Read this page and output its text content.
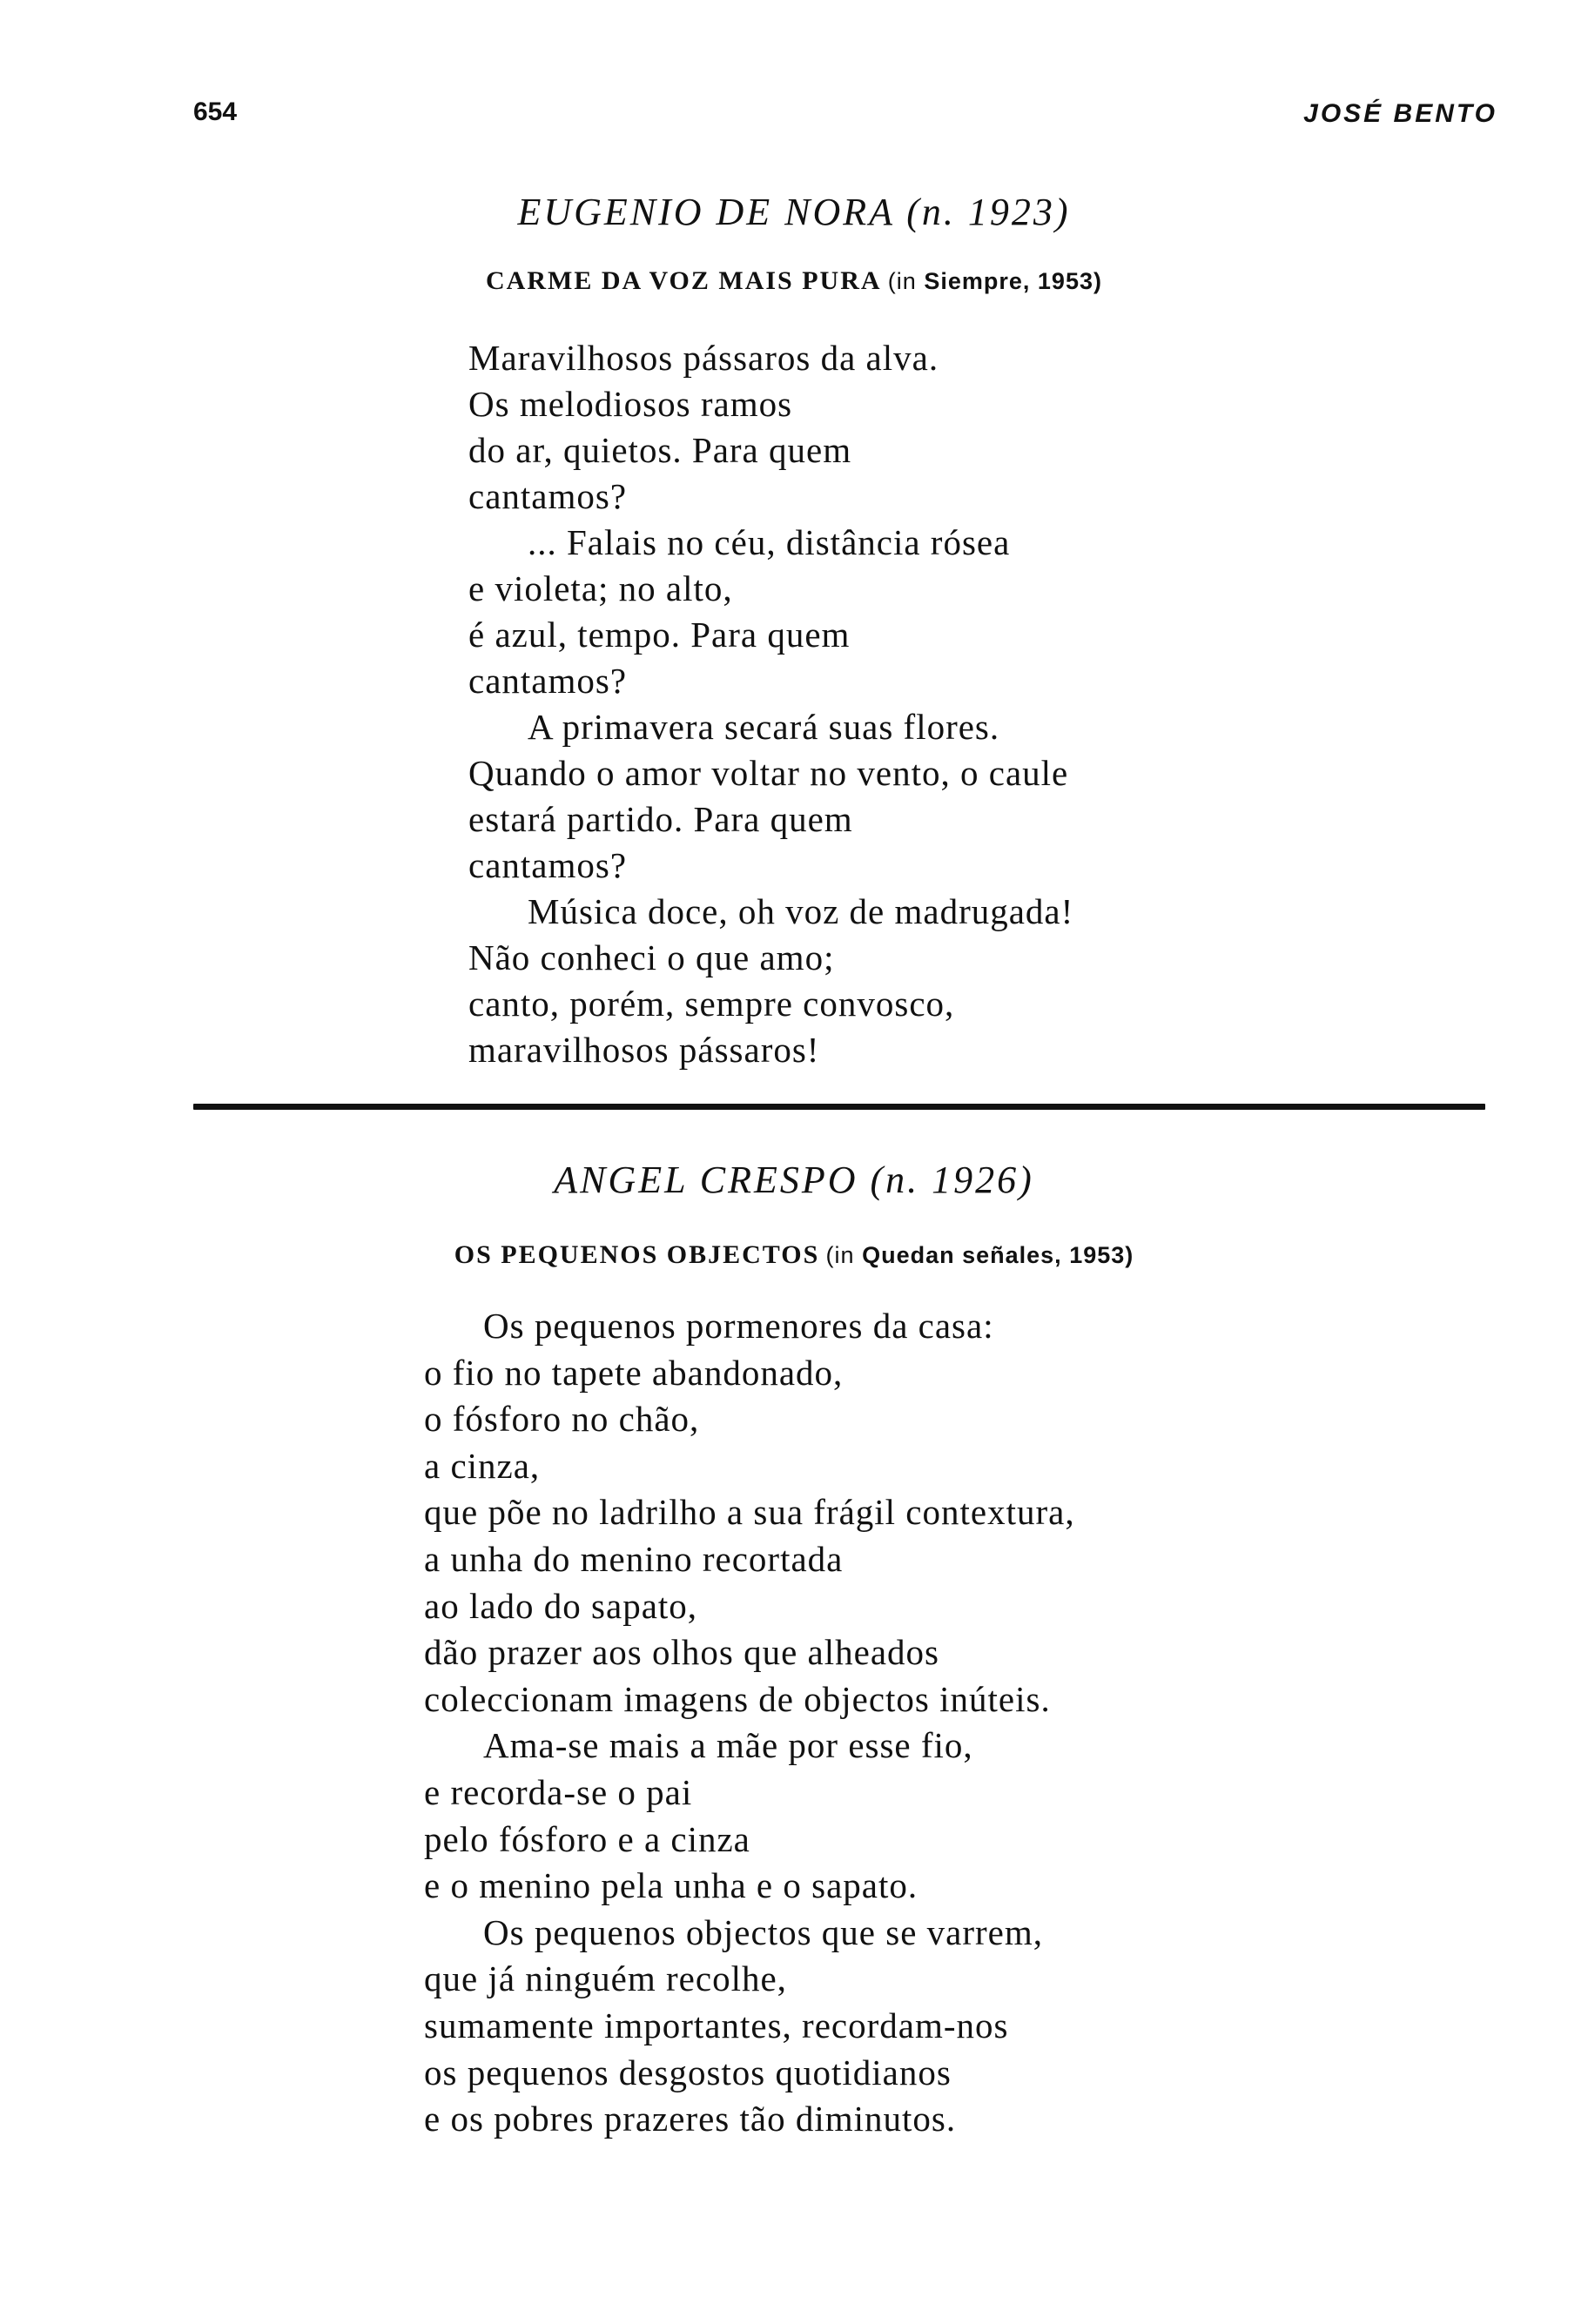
654	JOSÉ BENTO
EUGENIO DE NORA (n. 1923)
CARME DA VOZ MAIS PURA (in Siempre, 1953)
Maravilhosos pássaros da alva.
Os melodiosos ramos
do ar, quietos. Para quem
cantamos?
... Falais no céu, distância rósea
e violeta; no alto,
é azul, tempo. Para quem
cantamos?
A primavera secará suas flores.
Quando o amor voltar no vento, o caule
estará partido. Para quem
cantamos?
Música doce, oh voz de madrugada!
Não conheci o que amo;
canto, porém, sempre convosco,
maravilhosos pássaros!
ANGEL CRESPO (n. 1926)
OS PEQUENOS OBJECTOS (in Quedan señales, 1953)
Os pequenos pormenores da casa:
o fio no tapete abandonado,
o fósforo no chão,
a cinza,
que põe no ladrilho a sua frágil contextura,
a unha do menino recortada
ao lado do sapato,
dão prazer aos olhos que alheados
coleccionam imagens de objectos inúteis.
Ama-se mais a mãe por esse fio,
e recorda-se o pai
pelo fósforo e a cinza
e o menino pela unha e o sapato.
Os pequenos objectos que se varrem,
que já ninguém recolhe,
sumamente importantes, recordam-nos
os pequenos desgostos quotidianos
e os pobres prazeres tão diminutos.
